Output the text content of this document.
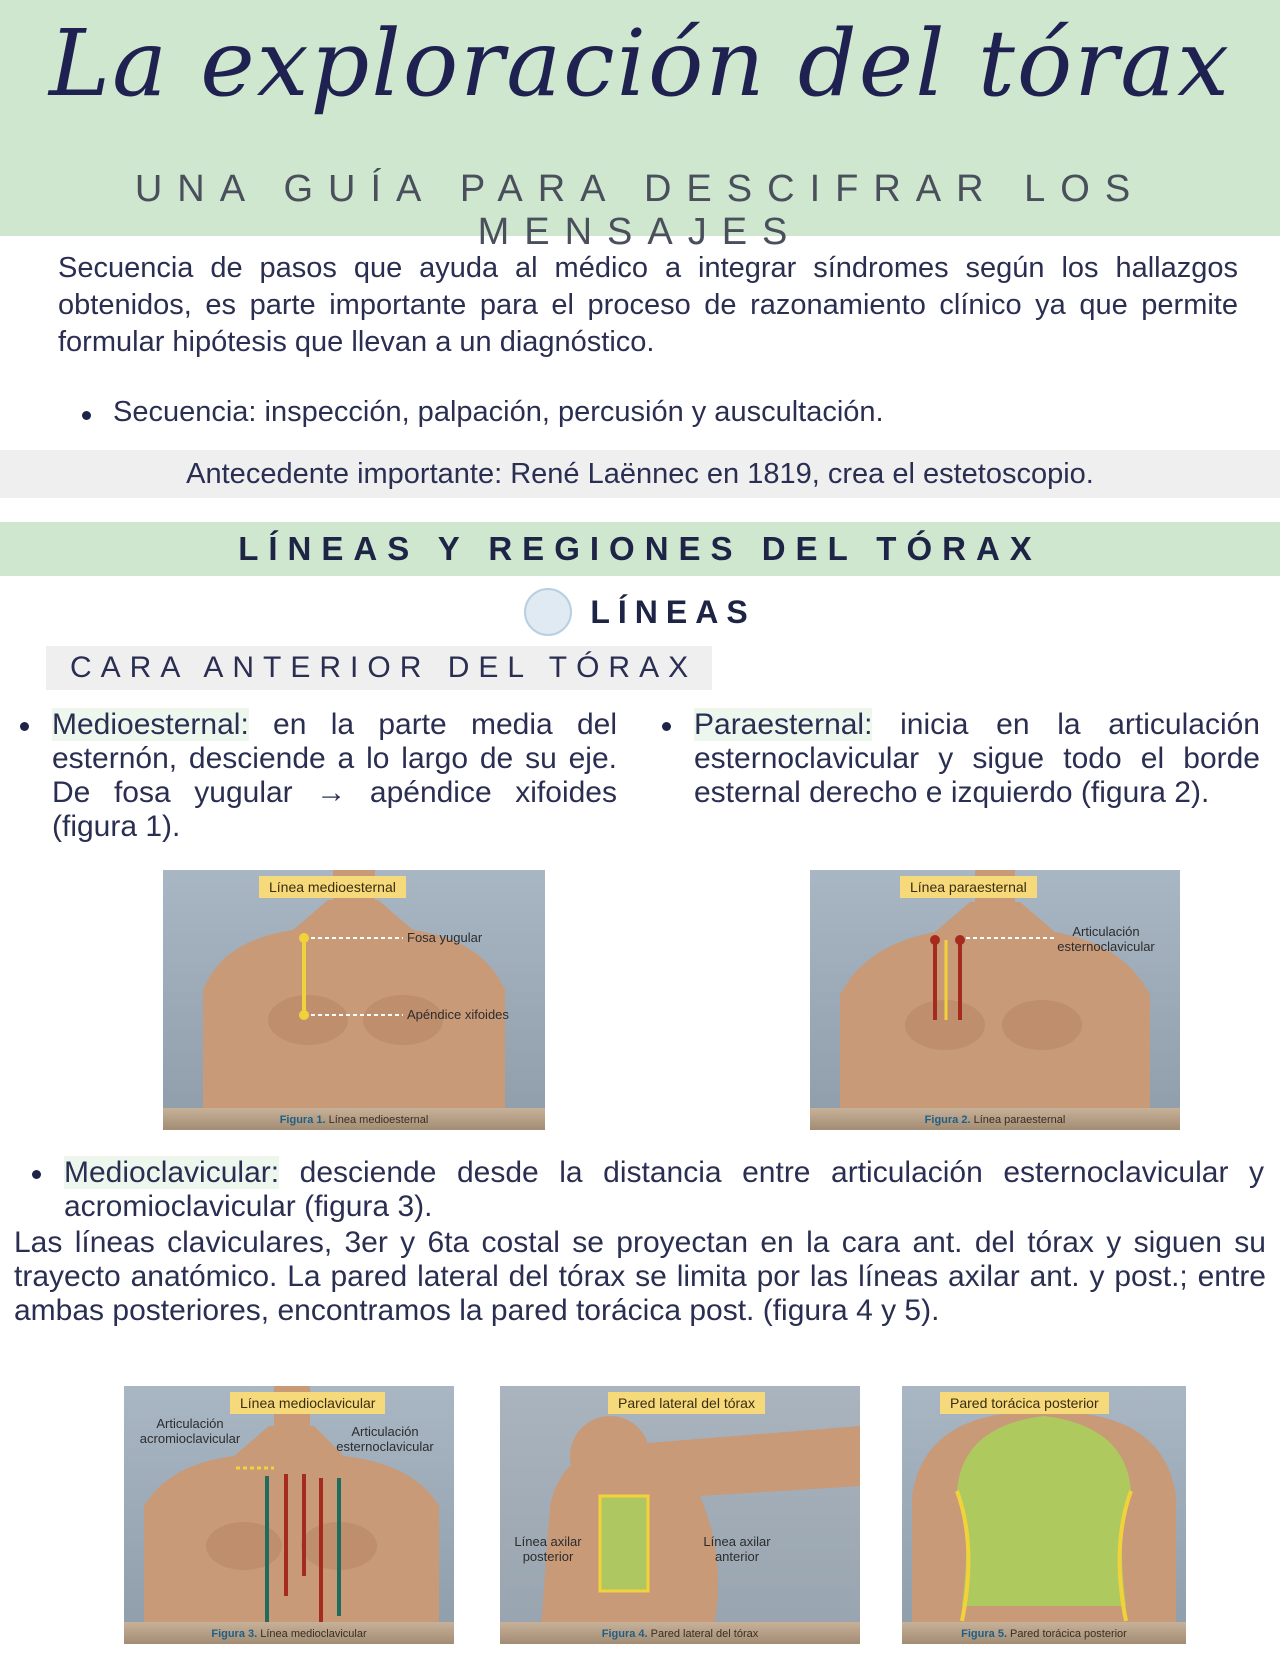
La exploración del tórax
UNA GUÍA PARA DESCIFRAR LOS MENSAJES
Secuencia de pasos que ayuda al médico a integrar síndromes según los hallazgos obtenidos, es parte importante para el proceso de razonamiento clínico ya que permite formular hipótesis que llevan a un diagnóstico.
Secuencia: inspección, palpación, percusión y auscultación.
Antecedente importante: René Laënnec en 1819, crea el estetoscopio.
LÍNEAS Y REGIONES DEL TÓRAX
LÍNEAS
CARA ANTERIOR DEL TÓRAX
Medioesternal: en la parte media del esternón, desciende a lo largo de su eje. De fosa yugular → apéndice xifoides (figura 1).
Paraesternal: inicia en la articulación esternoclavicular y sigue todo el borde esternal derecho e izquierdo (figura 2).
Línea medioesternal
Fosa yugular
Apéndice xifoides
Figura 1. Línea medioesternal
Línea paraesternal
Articulación esternoclavicular
Figura 2. Línea paraesternal
Medioclavicular: desciende desde la distancia entre articulación esternoclavicular y acromioclavicular (figura 3).
Las líneas claviculares, 3er y 6ta costal se proyectan en la cara ant. del tórax y siguen su trayecto anatómico. La pared lateral del tórax se limita por las líneas axilar ant. y post.; entre ambas posteriores, encontramos la pared torácica post. (figura 4 y 5).
Línea medioclavicular
Articulación acromioclavicular	Articulación esternoclavicular
Figura 3. Línea medioclavicular
Pared lateral del tórax
Línea axilar posterior
Línea axilar anterior
Figura 4. Pared lateral del tórax
Pared torácica posterior
Figura 5. Pared torácica posterior
